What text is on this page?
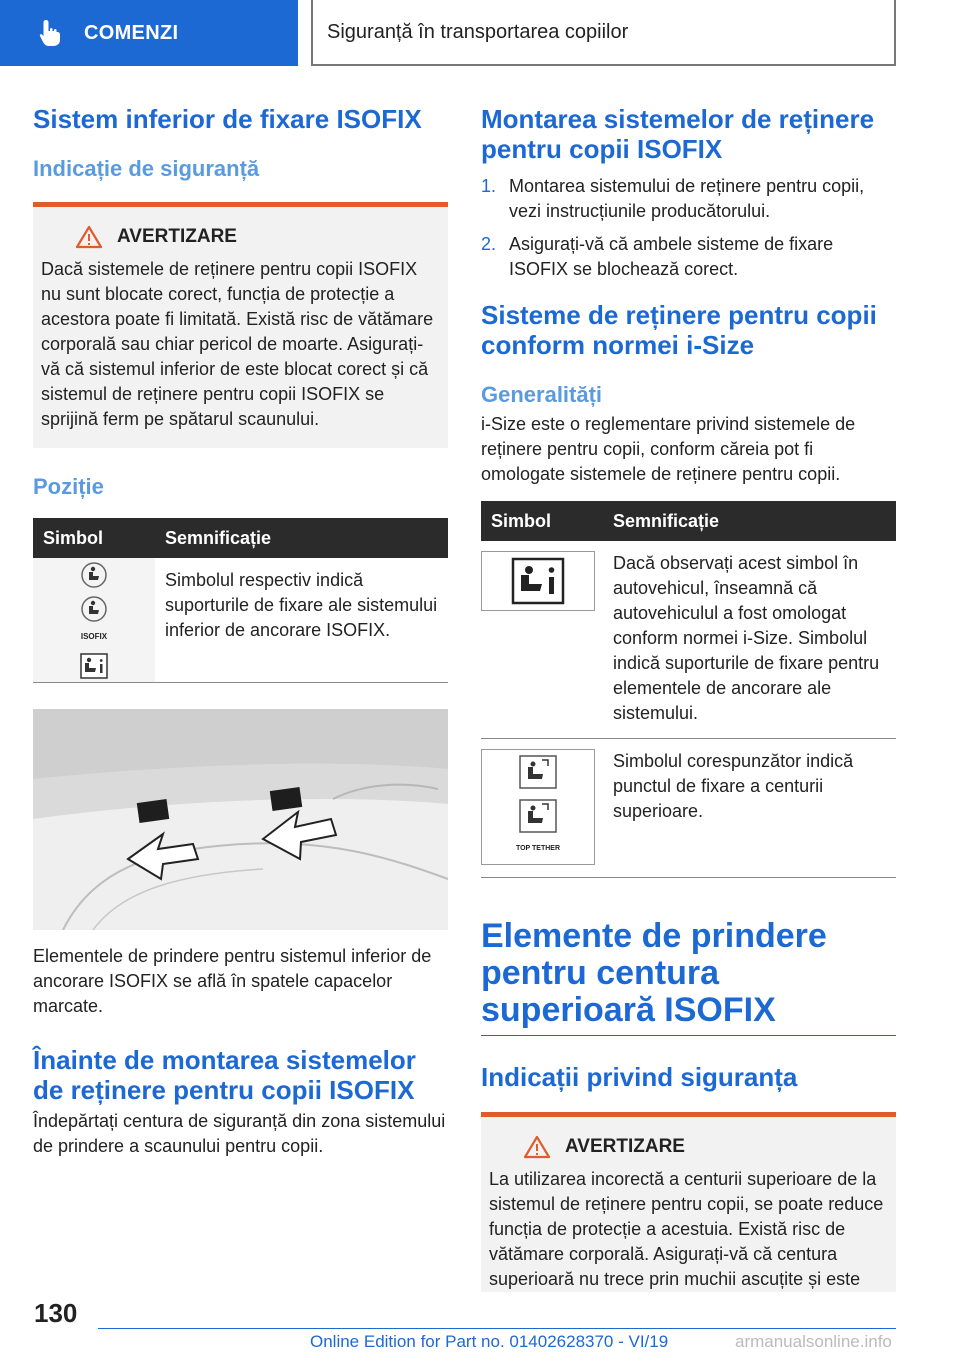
COMENZI	Siguranță în transportarea copiilor
Sistem inferior de fixare ISOFIX
Indicație de siguranță
AVERTIZARE

Dacă sistemele de reținere pentru copii ISOFIX nu sunt blocate corect, funcția de protecție a acestora poate fi limitată. Există risc de vătămare corporală sau chiar pericol de moarte. Asigurați-vă că sistemul inferior de este blocat corect și că sistemul de reținere pentru copii ISOFIX se sprijină ferm pe spătarul scaunului.

Poziție
Simbol	Semnificație

ISOFIX	Simbolul respectiv indică suporturile de fixare ale sistemului inferior de ancorare ISOFIX.

Elementele de prindere pentru sistemul inferior de ancorare ISOFIX se află în spatele capacelor marcate.

Înainte de montarea sistemelor de reținere pentru copii ISOFIX

Îndepărtați centura de siguranță din zona sistemului de prindere a scaunului pentru copii.

Montarea sistemelor de reținere pentru copii ISOFIX
1. Montarea sistemului de reținere pentru copii, vezi instrucțiunile producătorului.
2. Asigurați-vă că ambele sisteme de fixare ISOFIX se blochează corect.
Sisteme de reținere pentru copii conform normei i-Size
Generalități

i-Size este o reglementare privind sistemele de reținere pentru copii, conform căreia pot fi omologate sistemele de reținere pentru copii.

Simbol	Semnificație

	Dacă observați acest simbol în autovehicul, înseamnă că autovehiculul a fost omologat conform normei i-Size. Simbolul indică suporturile de fixare pentru elementele de ancorare ale sistemului.

TOP TETHER	Simbolul corespunzător indică punctul de fixare a centurii superioare.
Elemente de prindere pentru centura superioară ISOFIX
Indicații privind siguranța
AVERTIZARE

La utilizarea incorectă a centurii superioare de la sistemul de reținere pentru copii, se poate reduce funcția de protecție a acestuia. Există risc de vătămare corporală. Asigurați-vă că centura superioară nu trece prin muchii ascuțite și este

130
Online Edition for Part no. 01402628370 - VI/19	armanualsonline.info
